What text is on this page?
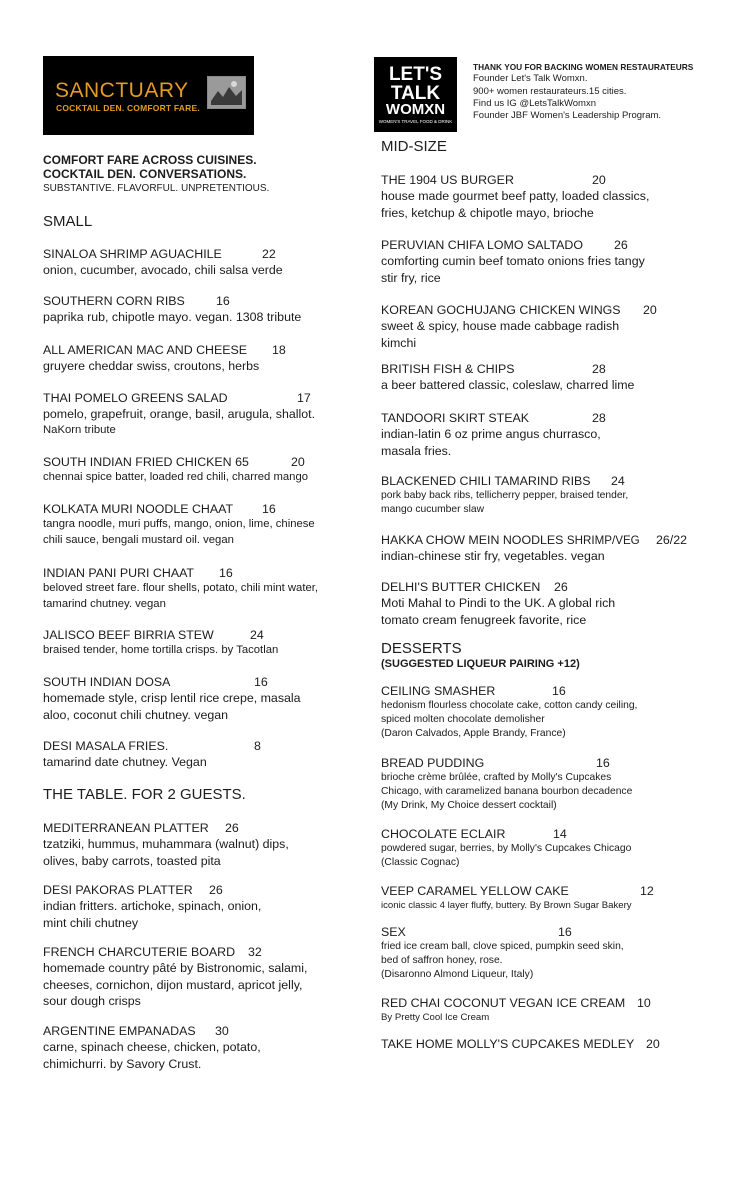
SANCTUARY
COCKTAIL DEN. COMFORT FARE.
LET'S
TALK
WOMXN
WOMEN'S TRAVEL FOOD & DRINK
THANK YOU FOR BACKING WOMEN RESTAURATEURS
Founder Let's Talk Womxn.
900+ women restaurateurs.15 cities.
Find us IG @LetsTalkWomxn
Founder JBF Women's Leadership Program.
COMFORT FARE ACROSS CUISINES.
COCKTAIL DEN. CONVERSATIONS.
SUBSTANTIVE. FLAVORFUL. UNPRETENTIOUS.
SMALL
THE TABLE. FOR 2 GUESTS.
MID-SIZE
DESSERTS
(SUGGESTED LIQUEUR PAIRING +12)
SINALOA SHRIMP AGUACHILE	22
onion, cucumber, avocado, chili salsa verde
SOUTHERN CORN RIBS	16
paprika rub, chipotle mayo. vegan. 1308 tribute
ALL AMERICAN MAC AND CHEESE 18
gruyere cheddar swiss, croutons, herbs
THAI POMELO GREENS SALAD	17
pomelo, grapefruit, orange, basil, arugula, shallot.
NaKorn tribute
SOUTH INDIAN FRIED CHICKEN 65	20
chennai spice batter, loaded red chili, charred mango
KOLKATA MURI NOODLE CHAAT 16
tangra noodle, muri puffs, mango, onion, lime, chinese
chili sauce, bengali mustard oil. vegan
INDIAN PANI PURI CHAAT 16
beloved street fare. flour shells, potato, chili mint water,
tamarind chutney. vegan
JALISCO BEEF BIRRIA STEW	24
braised tender, home tortilla crisps. by Tacotlan
SOUTH INDIAN DOSA	16
homemade style, crisp lentil rice crepe, masala
aloo, coconut chili chutney. vegan
DESI MASALA FRIES.	8
tamarind date chutney. Vegan
MEDITERRANEAN PLATTER 26
tzatziki, hummus, muhammara (walnut) dips,
olives, baby carrots, toasted pita
DESI PAKORAS PLATTER 26
indian fritters. artichoke, spinach, onion,
mint chili chutney
FRENCH CHARCUTERIE BOARD 32
homemade country pâté by Bistronomic, salami,
cheeses, cornichon, dijon mustard, apricot jelly,
sour dough crisps
ARGENTINE EMPANADAS 30
carne, spinach cheese, chicken, potato,
chimichurri. by Savory Crust.
THE 1904 US BURGER	20
house made gourmet beef patty, loaded classics,
fries, ketchup & chipotle mayo, brioche
PERUVIAN CHIFA LOMO SALTADO	26
comforting cumin beef tomato onions fries tangy
stir fry, rice
KOREAN GOCHUJANG CHICKEN WINGS 20
sweet & spicy, house made cabbage radish
kimchi
BRITISH FISH & CHIPS	28
a beer battered classic, coleslaw, charred lime
TANDOORI SKIRT STEAK	28
indian-latin 6 oz prime angus churrasco,
masala fries.
BLACKENED CHILI TAMARIND RIBS 24
pork baby back ribs, tellicherry pepper, braised tender,
mango cucumber slaw
HAKKA CHOW MEIN NOODLES SHRIMP/VEG 26/22
indian-chinese stir fry, vegetables. vegan
DELHI'S BUTTER CHICKEN 26
Moti Mahal to Pindi to the UK. A global rich
tomato cream fenugreek favorite, rice
CEILING SMASHER	16
hedonism flourless chocolate cake, cotton candy ceiling,
spiced molten chocolate demolisher
(Daron Calvados, Apple Brandy, France)
BREAD PUDDING	16
brioche crème brûlée, crafted by Molly's Cupcakes
Chicago, with caramelized banana bourbon decadence
(My Drink, My Choice dessert cocktail)
CHOCOLATE ECLAIR	14
powdered sugar, berries, by Molly's Cupcakes Chicago
(Classic Cognac)
VEEP CARAMEL YELLOW CAKE	12
iconic classic 4 layer fluffy, buttery. By Brown Sugar Bakery
SEX	16
fried ice cream ball, clove spiced, pumpkin seed skin,
bed of saffron honey, rose.
(Disaronno Almond Liqueur, Italy)
RED CHAI COCONUT VEGAN ICE CREAM 10
By Pretty Cool Ice Cream
TAKE HOME MOLLY'S CUPCAKES MEDLEY 20
